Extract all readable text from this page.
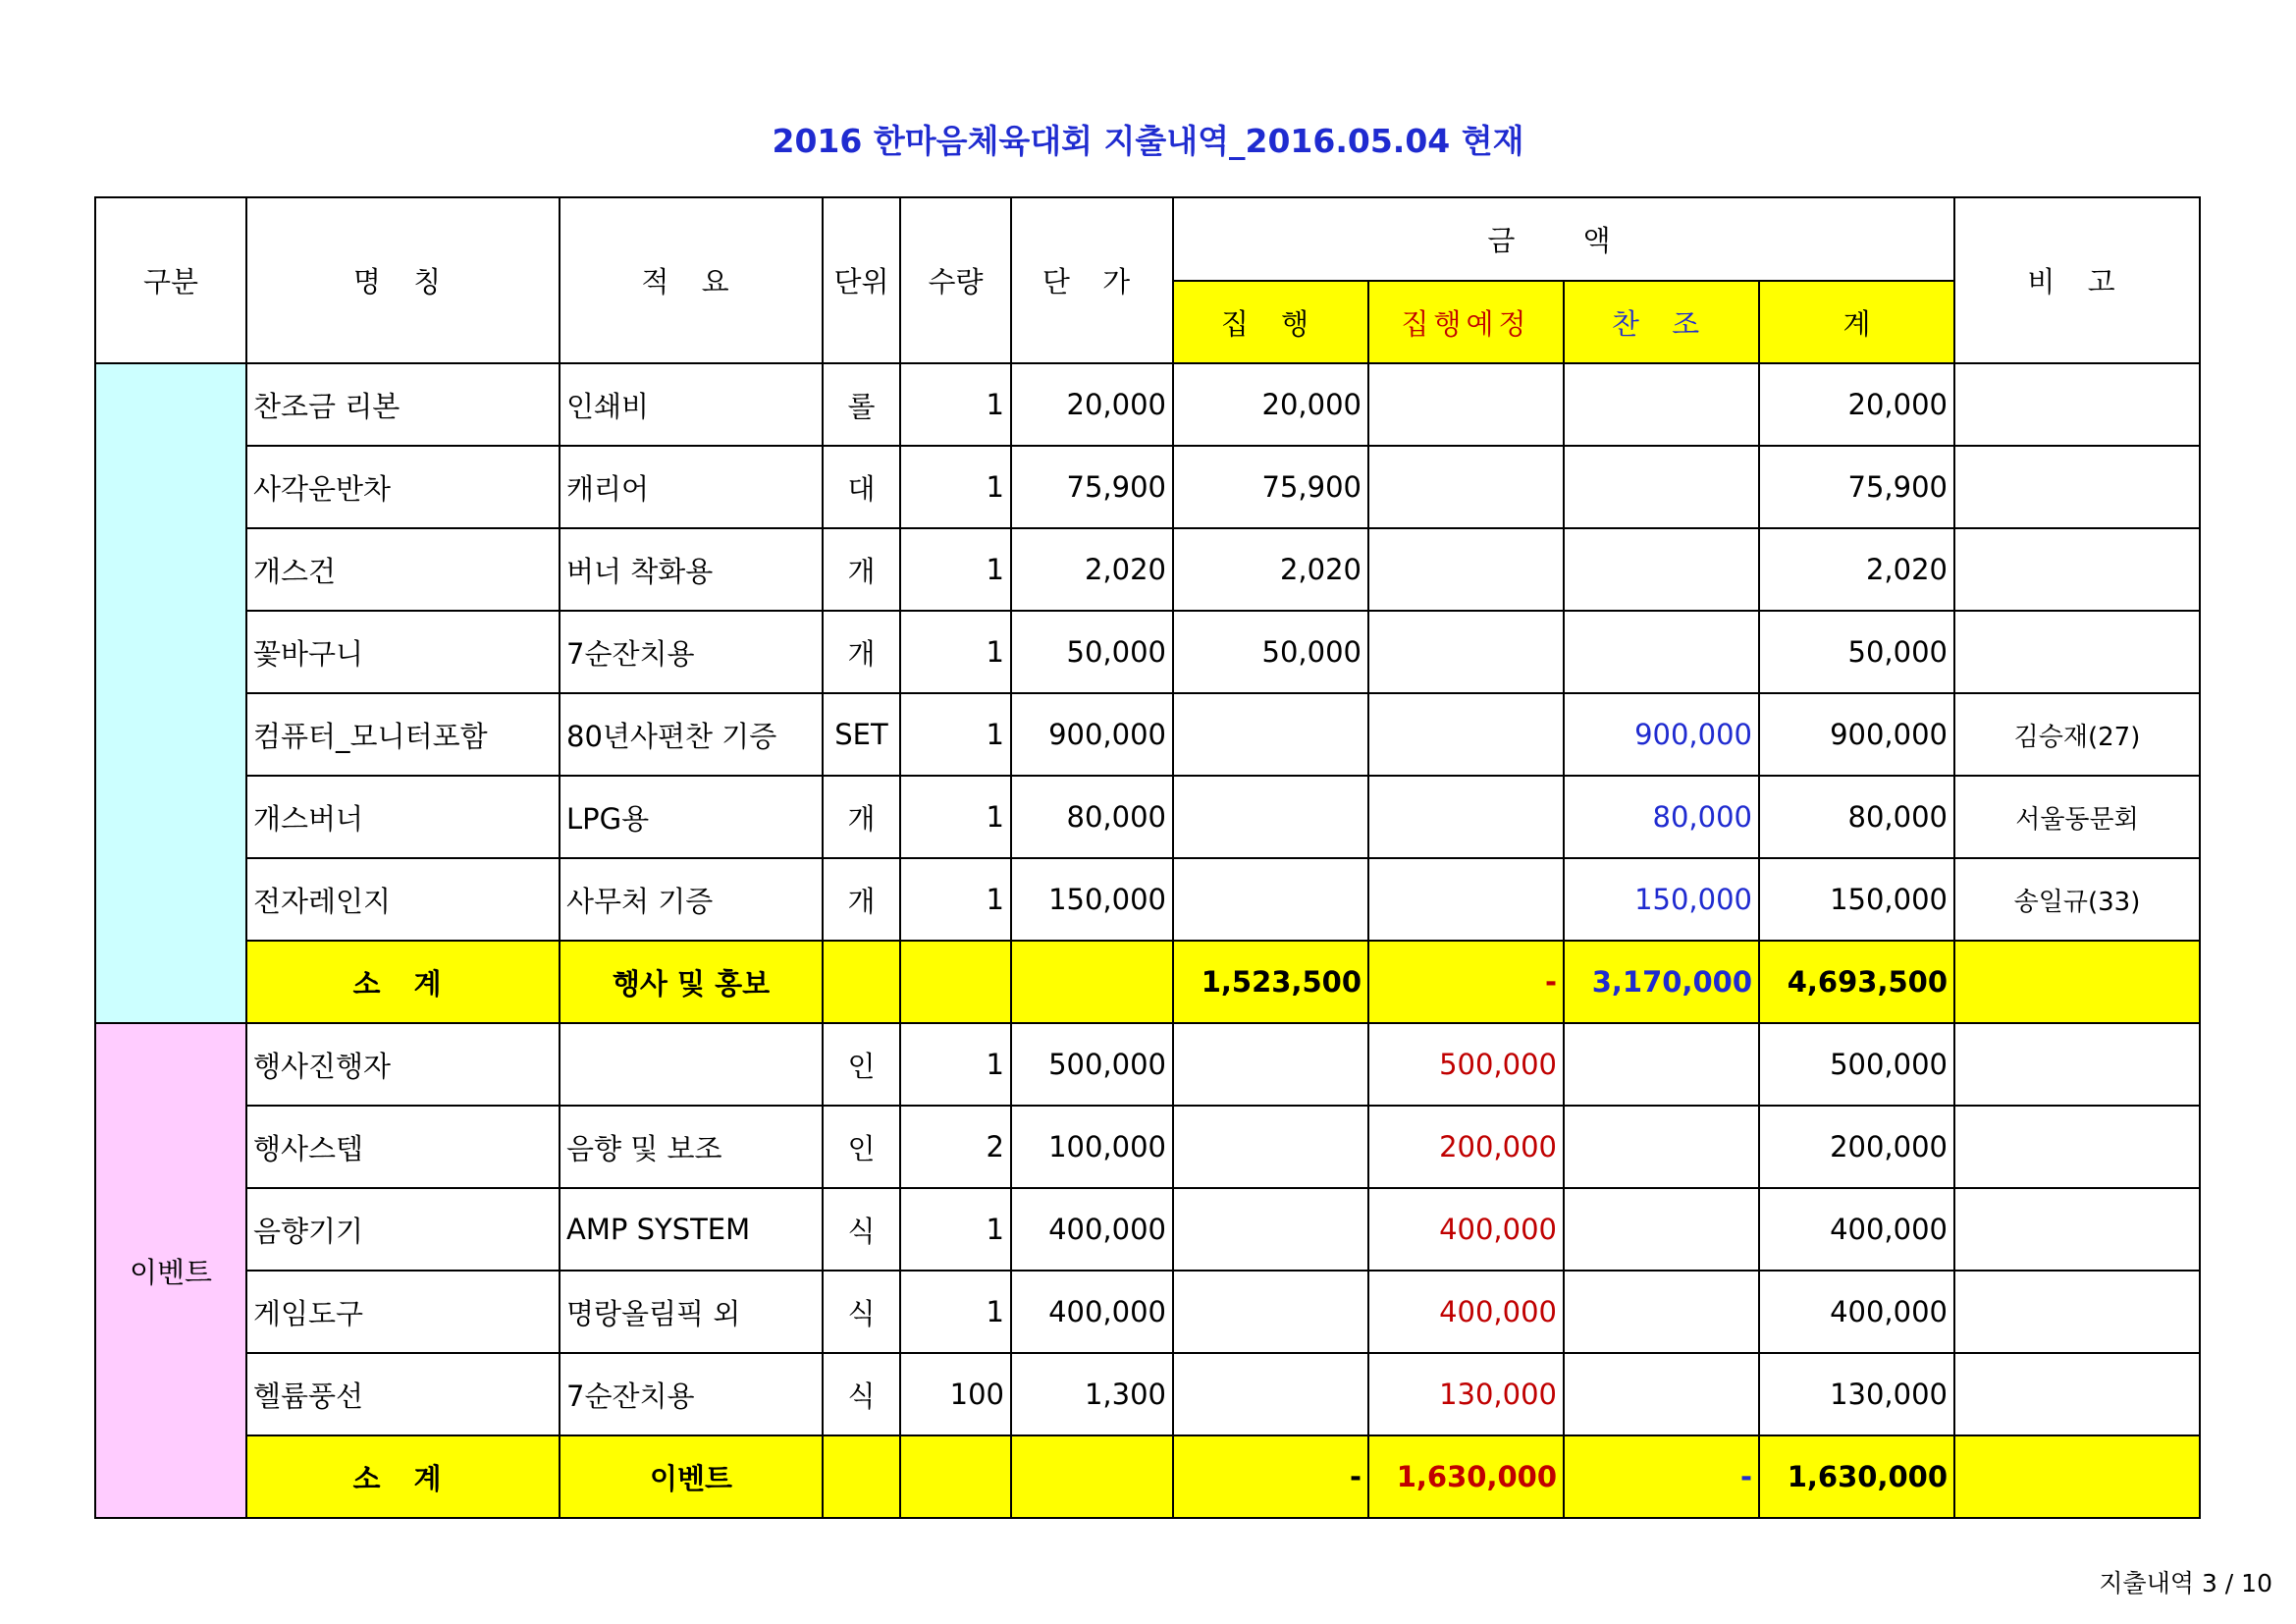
2016 한마음체육대회 지출내역_2016.05.04 현재
구분	명 칭	적 요	단위	수량	단 가	금 액				비 고
						집 행	집행예정	찬 조	계	
	찬조금 리본	인쇄비	롤	1	20,000	20,000			20,000	
	사각운반차	캐리어	대	1	75,900	75,900			75,900	
	개스건	버너 착화용	개	1	2,020	2,020			2,020	
	꽃바구니	7순잔치용	개	1	50,000	50,000			50,000	
	컴퓨터_모니터포함	80년사편찬 기증	SET	1	900,000			900,000	900,000	김승재(27)
	개스버너	LPG용	개	1	80,000			80,000	80,000	서울동문회
	전자레인지	사무처 기증	개	1	150,000			150,000	150,000	송일규(33)
	소 계	행사 및 홍보				1,523,500	-	3,170,000	4,693,500	
이벤트	행사진행자		인	1	500,000		500,000		500,000	
	행사스텝	음향 및 보조	인	2	100,000		200,000		200,000	
	음향기기	AMP SYSTEM	식	1	400,000		400,000		400,000	
	게임도구	명랑올림픽 외	식	1	400,000		400,000		400,000	
	헬륨풍선	7순잔치용	식	100	1,300		130,000		130,000	
	소 계	이벤트				-	1,630,000	-	1,630,000	
지출내역 3 / 10
